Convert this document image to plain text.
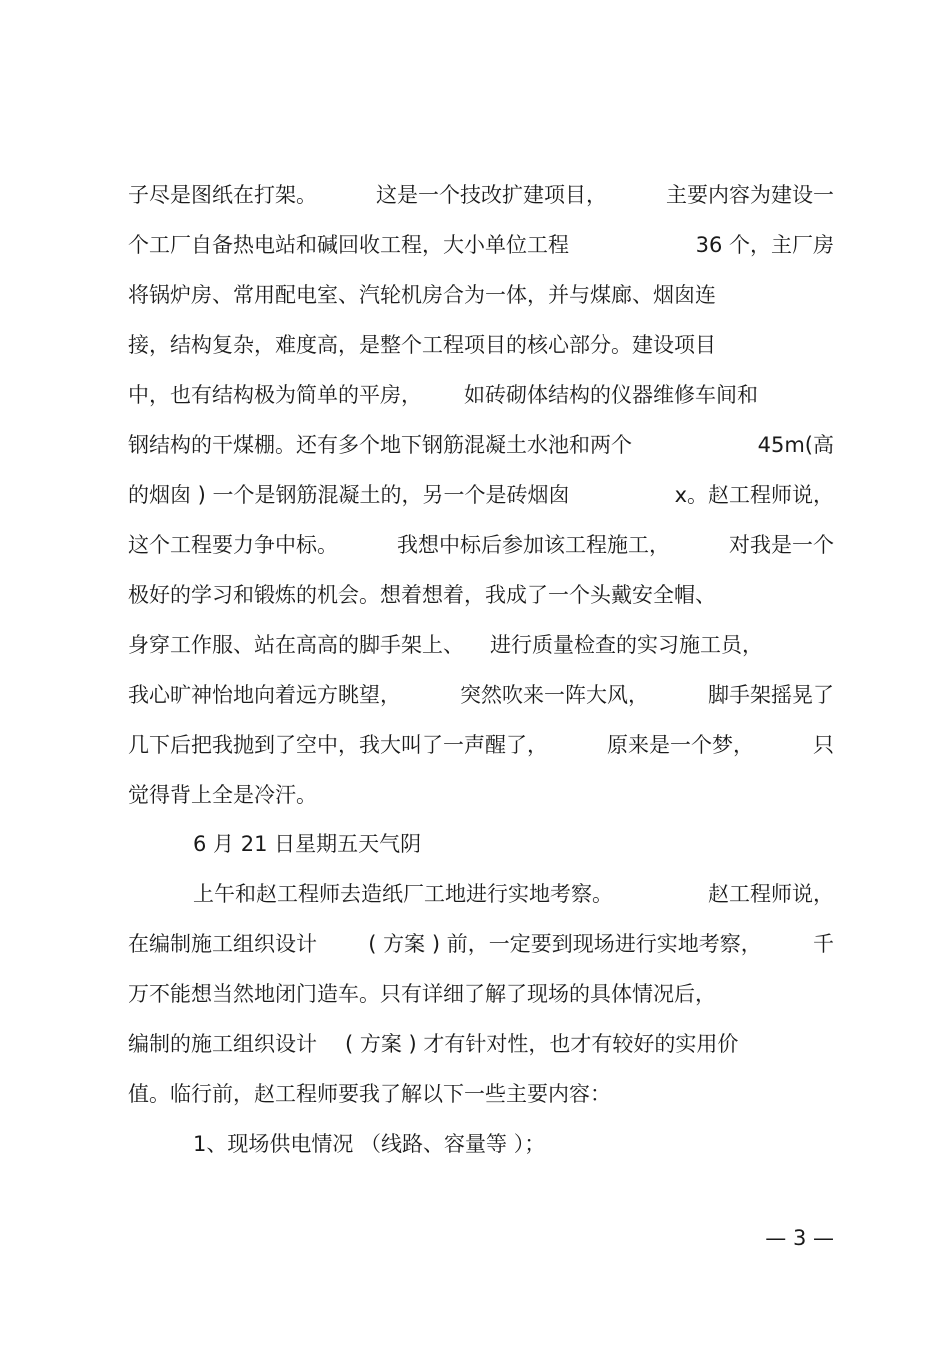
子尽是图纸在打架。	这是一个技改扩建项目，	主要内容为建设一
个工厂自备热电站和碱回收工程，大小单位工程	36 个，主厂房
将锅炉房、常用配电室、汽轮机房合为一体，并与煤廊、烟囱连
接，结构复杂，难度高，是整个工程项目的核心部分。建设项目
中，也有结构极为简单的平房， 如砖砌体结构的仪器维修车间和
钢结构的干煤棚。还有多个地下钢筋混凝土水池和两个	45m(高
的烟囱 ) 一个是钢筋混凝土的，另一个是砖烟囱	x。赵工程师说，
这个工程要力争中标。	我想中标后参加该工程施工，	对我是一个
极好的学习和锻炼的机会。想着想着，我成了一个头戴安全帽、
身穿工作服、站在高高的脚手架上、 进行质量检查的实习施工员，
我心旷神怡地向着远方眺望，	突然吹来一阵大风，	脚手架摇晃了
几下后把我抛到了空中，我大叫了一声醒了，	原来是一个梦，	只
觉得背上全是冷汗。
6 月 21 日星期五天气阴
上午和赵工程师去造纸厂工地进行实地考察。	赵工程师说，
在编制施工组织设计 ( 方案 ) 前，一定要到现场进行实地考察， 千
万不能想当然地闭门造车。只有详细了解了现场的具体情况后，
编制的施工组织设计 ( 方案 ) 才有针对性，也才有较好的实用价
值。临行前，赵工程师要我了解以下一些主要内容：
1、现场供电情况 （线路、容量等 ）；
— 3 —
